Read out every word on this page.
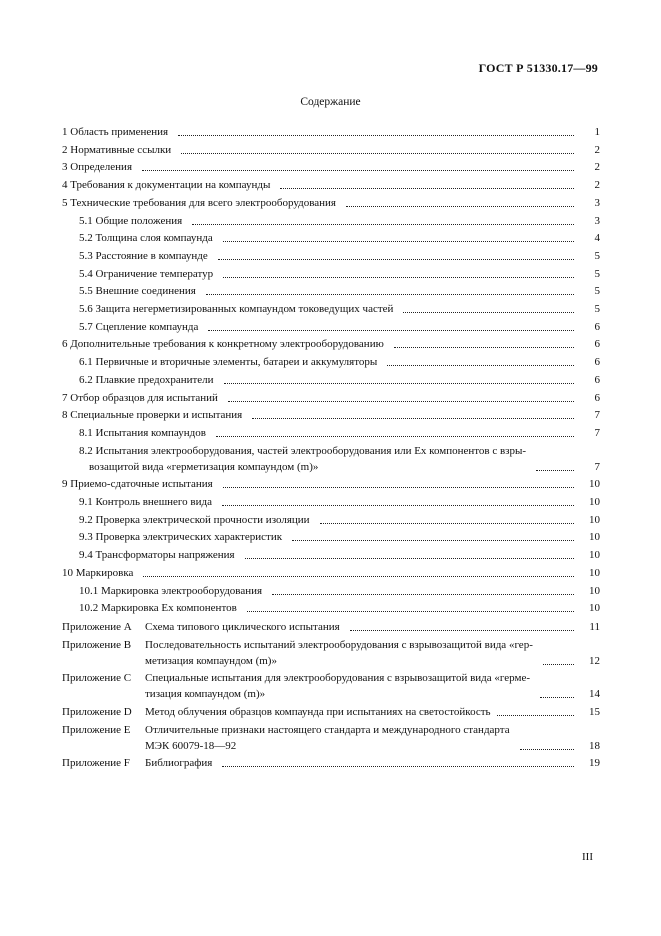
ГОСТ Р 51330.17—99
Содержание
1 Область применения	1
2 Нормативные ссылки	2
3 Определения	2
4 Требования к документации на компаунды	2
5 Технические требования для всего электрооборудования	3
5.1 Общие положения	3
5.2 Толщина слоя компаунда	4
5.3 Расстояние в компаунде	5
5.4 Ограничение температур	5
5.5 Внешние соединения	5
5.6 Защита негерметизированных компаундом токоведущих частей	5
5.7 Сцепление компаунда	6
6 Дополнительные требования к конкретному электрооборудованию	6
6.1 Первичные и вторичные элементы, батареи и аккумуляторы	6
6.2 Плавкие предохранители	6
7 Отбор образцов для испытаний	6
8 Специальные проверки и испытания	7
8.1 Испытания компаундов	7
8.2 Испытания электрооборудования, частей электрооборудования или Ex компонентов с взры-
возащитой вида «герметизация компаундом (m)»	7
9 Приемо-сдаточные испытания	10
9.1 Контроль внешнего вида	10
9.2 Проверка электрической прочности изоляции	10
9.3 Проверка электрических характеристик	10
9.4 Трансформаторы напряжения	10
10 Маркировка	10
10.1 Маркировка электрооборудования	10
10.2 Маркировка Ex компонентов	10
Приложение A Схема типового циклического испытания	11
Приложение B Последовательность испытаний электрооборудования с взрывозащитой вида «гер-
метизация компаундом (m)»	12
Приложение C Специальные испытания для электрооборудования с взрывозащитой вида «гермe-
тизация компаундом (m)»	14
Приложение D Метод облучения образцов компаунда при испытаниях на светостойкость	15
Приложение E Отличительные признаки настоящего стандарта и международного стандарта
МЭК 60079-18—92	18
Приложение F Библиография	19
III
